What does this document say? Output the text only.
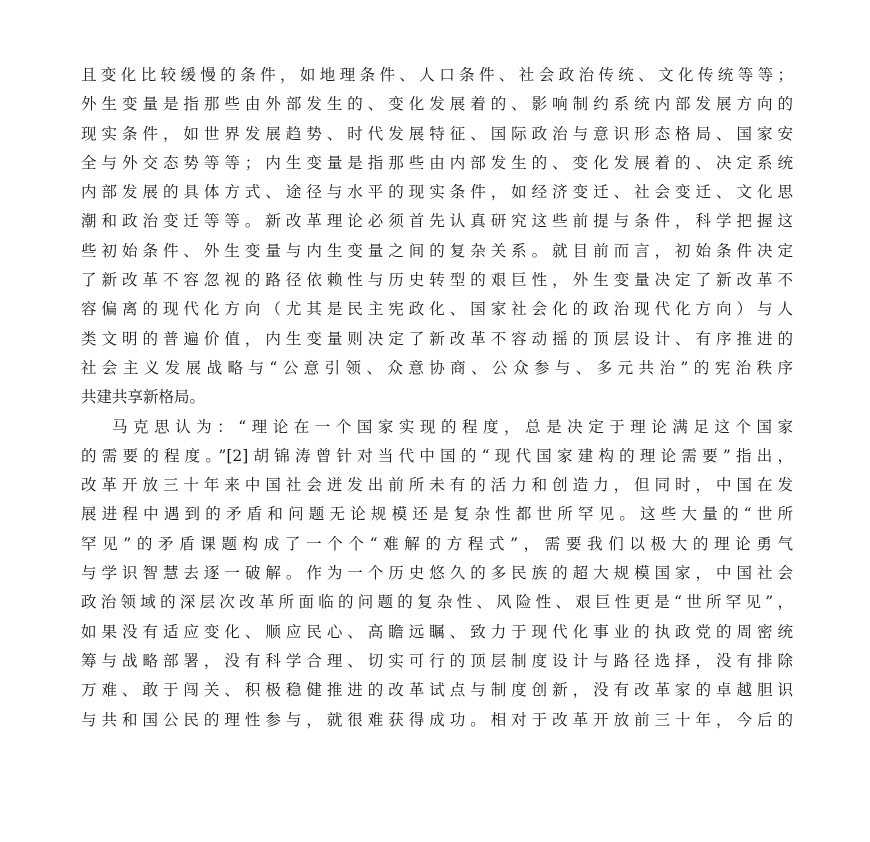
且变化比较缓慢的条件，如地理条件、人口条件、社会政治传统、文化传统等等；
外生变量是指那些由外部发生的、变化发展着的、影响制约系统内部发展方向的
现实条件，如世界发展趋势、时代发展特征、国际政治与意识形态格局、国家安
全与外交态势等等；内生变量是指那些由内部发生的、变化发展着的、决定系统
内部发展的具体方式、途径与水平的现实条件，如经济变迁、社会变迁、文化思
潮和政治变迁等等。新改革理论必须首先认真研究这些前提与条件，科学把握这
些初始条件、外生变量与内生变量之间的复杂关系。就目前而言，初始条件决定
了新改革不容忽视的路径依赖性与历史转型的艰巨性，外生变量决定了新改革不
容偏离的现代化方向（尤其是民主宪政化、国家社会化的政治现代化方向）与人
类文明的普遍价值，内生变量则决定了新改革不容动摇的顶层设计、有序推进的
社会主义发展战略与“公意引领、众意协商、公众参与、多元共治”的宪治秩序
共建共享新格局。
马克思认为：“理论在一个国家实现的程度，总是决定于理论满足这个国家
的需要的程度。”[2]胡锦涛曾针对当代中国的“现代国家建构的理论需要”指出，
改革开放三十年来中国社会迸发出前所未有的活力和创造力，但同时，中国在发
展进程中遇到的矛盾和问题无论规模还是复杂性都世所罕见。这些大量的“世所
罕见”的矛盾课题构成了一个个“难解的方程式”，需要我们以极大的理论勇气
与学识智慧去逐一破解。作为一个历史悠久的多民族的超大规模国家，中国社会
政治领域的深层次改革所面临的问题的复杂性、风险性、艰巨性更是“世所罕见”，
如果没有适应变化、顺应民心、高瞻远瞩、致力于现代化事业的执政党的周密统
筹与战略部署，没有科学合理、切实可行的顶层制度设计与路径选择，没有排除
万难、敢于闯关、积极稳健推进的改革试点与制度创新，没有改革家的卓越胆识
与共和国公民的理性参与，就很难获得成功。相对于改革开放前三十年，今后的
